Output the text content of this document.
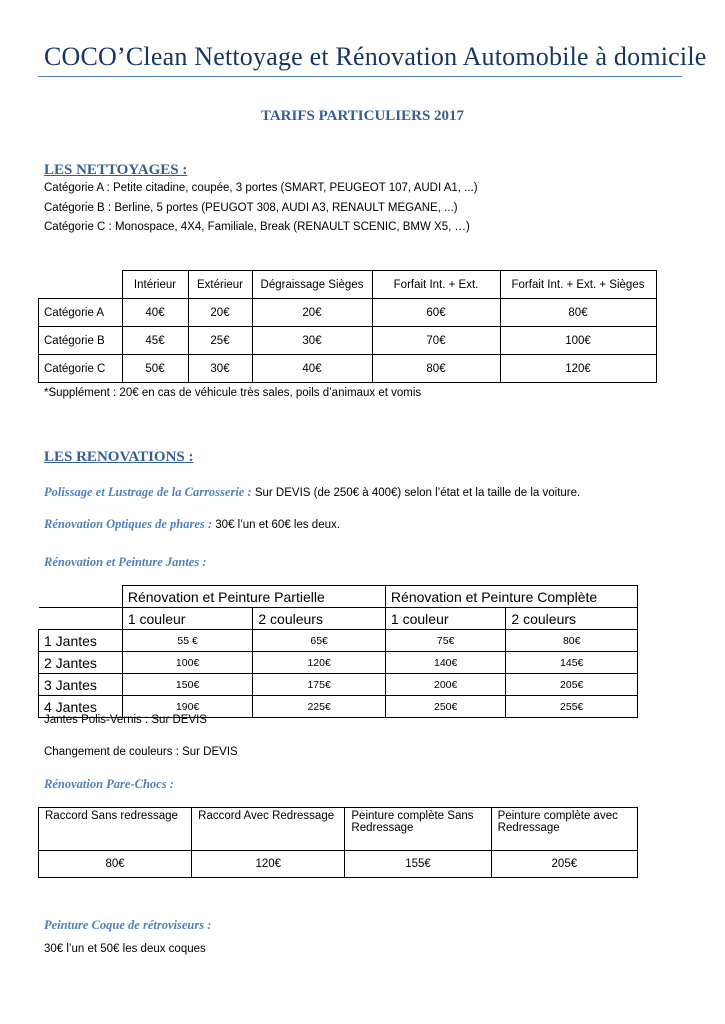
COCO’Clean Nettoyage et Rénovation Automobile à domicile
TARIFS PARTICULIERS 2017
LES NETTOYAGES :
Catégorie A : Petite citadine, coupée, 3 portes (SMART, PEUGEOT 107, AUDI A1, ...)
Catégorie B : Berline, 5 portes (PEUGOT 308, AUDI A3, RENAULT MEGANE, ...)
Catégorie C : Monospace, 4X4, Familiale, Break (RENAULT SCENIC, BMW X5, …)
	Intérieur	Extérieur	Dégraissage Sièges	Forfait Int. + Ext.	Forfait Int. + Ext. + Sièges
Catégorie A	40€	20€	20€	60€	80€
Catégorie B	45€	25€	30€	70€	100€
Catégorie C	50€	30€	40€	80€	120€
*Supplément : 20€ en cas de véhicule très sales, poils d’animaux et vomis
LES RENOVATIONS :
Polissage et Lustrage de la Carrosserie : Sur DEVIS (de 250€ à 400€) selon l’état et la taille de la voiture.
Rénovation Optiques de phares : 30€ l’un et 60€ les deux.
Rénovation et Peinture Jantes :
	Rénovation et Peinture Partielle		Rénovation et Peinture Complète	
	1 couleur	2 couleurs	1 couleur	2 couleurs
1 Jantes	55 €	65€	75€	80€
2 Jantes	100€	120€	140€	145€
3 Jantes	150€	175€	200€	205€
4 Jantes	190€	225€	250€	255€
Jantes Polis-Vernis : Sur DEVIS
Changement de couleurs : Sur DEVIS
Rénovation Pare-Chocs :
Raccord Sans redressage	Raccord Avec Redressage	Peinture complète Sans Redressage	Peinture complète avec Redressage
80€	120€	155€	205€
Peinture Coque de rétroviseurs :
30€ l’un et 50€ les deux coques
